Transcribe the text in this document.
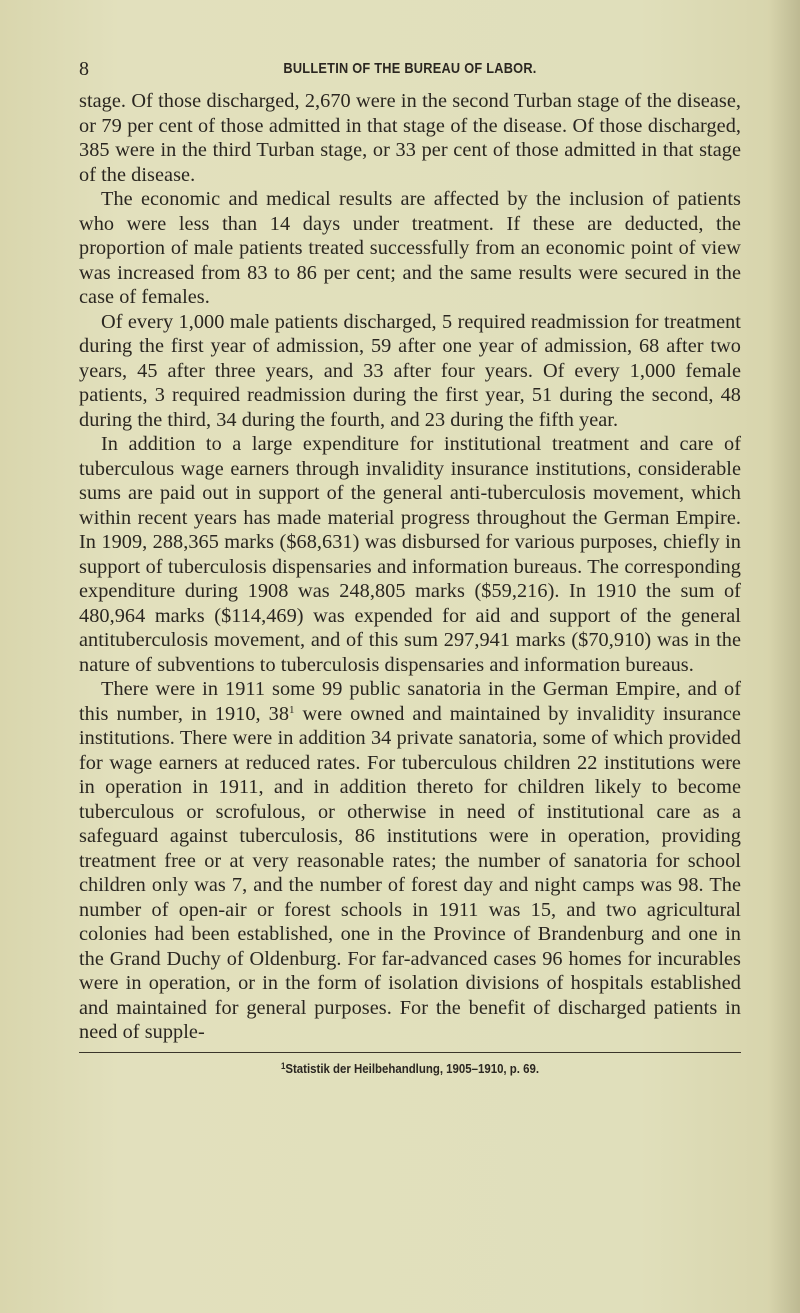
8	BULLETIN OF THE BUREAU OF LABOR.

stage. Of those discharged, 2,670 were in the second Turban stage of the disease, or 79 per cent of those admitted in that stage of the disease. Of those discharged, 385 were in the third Turban stage, or 33 per cent of those admitted in that stage of the disease.

The economic and medical results are affected by the inclusion of patients who were less than 14 days under treatment. If these are deducted, the proportion of male patients treated successfully from an economic point of view was increased from 83 to 86 per cent; and the same results were secured in the case of females.

Of every 1,000 male patients discharged, 5 required readmission for treatment during the first year of admission, 59 after one year of admission, 68 after two years, 45 after three years, and 33 after four years. Of every 1,000 female patients, 3 required readmission during the first year, 51 during the second, 48 during the third, 34 during the fourth, and 23 during the fifth year.

In addition to a large expenditure for institutional treatment and care of tuberculous wage earners through invalidity insurance institutions, considerable sums are paid out in support of the general anti-tuberculosis movement, which within recent years has made material progress throughout the German Empire. In 1909, 288,365 marks ($68,631) was disbursed for various purposes, chiefly in support of tuberculosis dispensaries and information bureaus. The corresponding expenditure during 1908 was 248,805 marks ($59,216). In 1910 the sum of 480,964 marks ($114,469) was expended for aid and support of the general antituberculosis movement, and of this sum 297,941 marks ($70,910) was in the nature of subventions to tuberculosis dispensaries and information bureaus.

There were in 1911 some 99 public sanatoria in the German Empire, and of this number, in 1910, $38^1$ were owned and maintained by invalidity insurance institutions. There were in addition 34 private sanatoria, some of which provided for wage earners at reduced rates. For tuberculous children 22 institutions were in operation in 1911, and in addition thereto for children likely to become tuberculous or scrofulous, or otherwise in need of institutional care as a safeguard against tuberculosis, 86 institutions were in operation, providing treatment free or at very reasonable rates; the number of sanatoria for school children only was 7, and the number of forest day and night camps was 98. The number of open-air or forest schools in 1911 was 15, and two agricultural colonies had been established, one in the Province of Brandenburg and one in the Grand Duchy of Oldenburg. For far-advanced cases 96 homes for incurables were in operation, or in the form of isolation divisions of hospitals established and maintained for general purposes. For the benefit of discharged patients in need of supple-

$^1$Statistik der Heilbehandlung, 1905–1910, p. 69.
